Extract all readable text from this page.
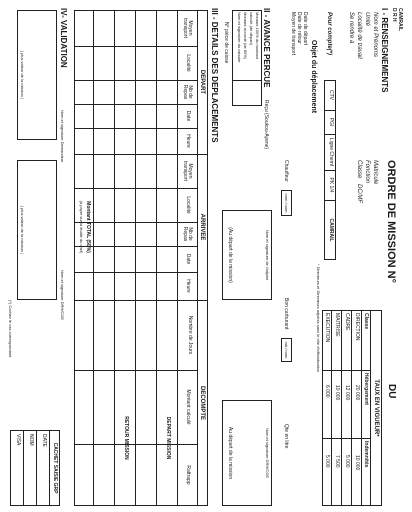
CAMRAIL
D R H
ORDRE DE MISSION N°
DU
I - RENSEIGNEMENTS
Nom et Prénoms
Unité
Localité de travail
Se rendre à
Matricule
Fonction
Classe
DC/MF
TAUX EN VIGUEUR*
Classe
Hébergement
Indemnités
DIRECTION
20 000
10 000
CADRE
12 000
5 000
MAITRISE
10 000
7 500
EXECUTION
6 000
5 000
* Directeurs et Directeurs adjoints sans le rôle d'officialisation
Pour compte(*)
CTV
PGI
Ligne Chemf
PK 1/4
CAMRAIL
Objet du déplacement
Date de départ
Date de retour
Moyen de transport
Chauffeur
nom / nom
Bon carburant
nat / nom
Qte en litre
II - AVANCE PERCUE
Reçu (Soukou-Ayene)
Montant 100% du montant
calculé (de départ)
Montant accordé (de 80%)
Nom et signature du caissier
N° pièce de caisse
Nom et signature de l'adjoint
(Au départ de la mission)
Nom et signature DRH/CGE
Au départ de la mission
III - DETAILS DES DEPLACEMENTS
DEPART
ARRIVEE
DECOMPTE
Moyen transport
Localité
Nb de Repas
Date
Heure
Moyen transport
Localité
Nb de Repas
Date
Heure
Nombre de Jours
Montant calculé
Rattrapp
DEPART MISSION
RETOUR MISSION
Montant TOTAL (50%)
(à payer sur la feuille du chef)
IV- VALIDATION
Nom et signature Demandeur
Nom et signature DRH/CGE
( plus valeur de la mission )
( plus valeur de la mission )
(*) Cochez le cas correspondant
CACHET SAISIE GRP
DATE
NOM
VISA
